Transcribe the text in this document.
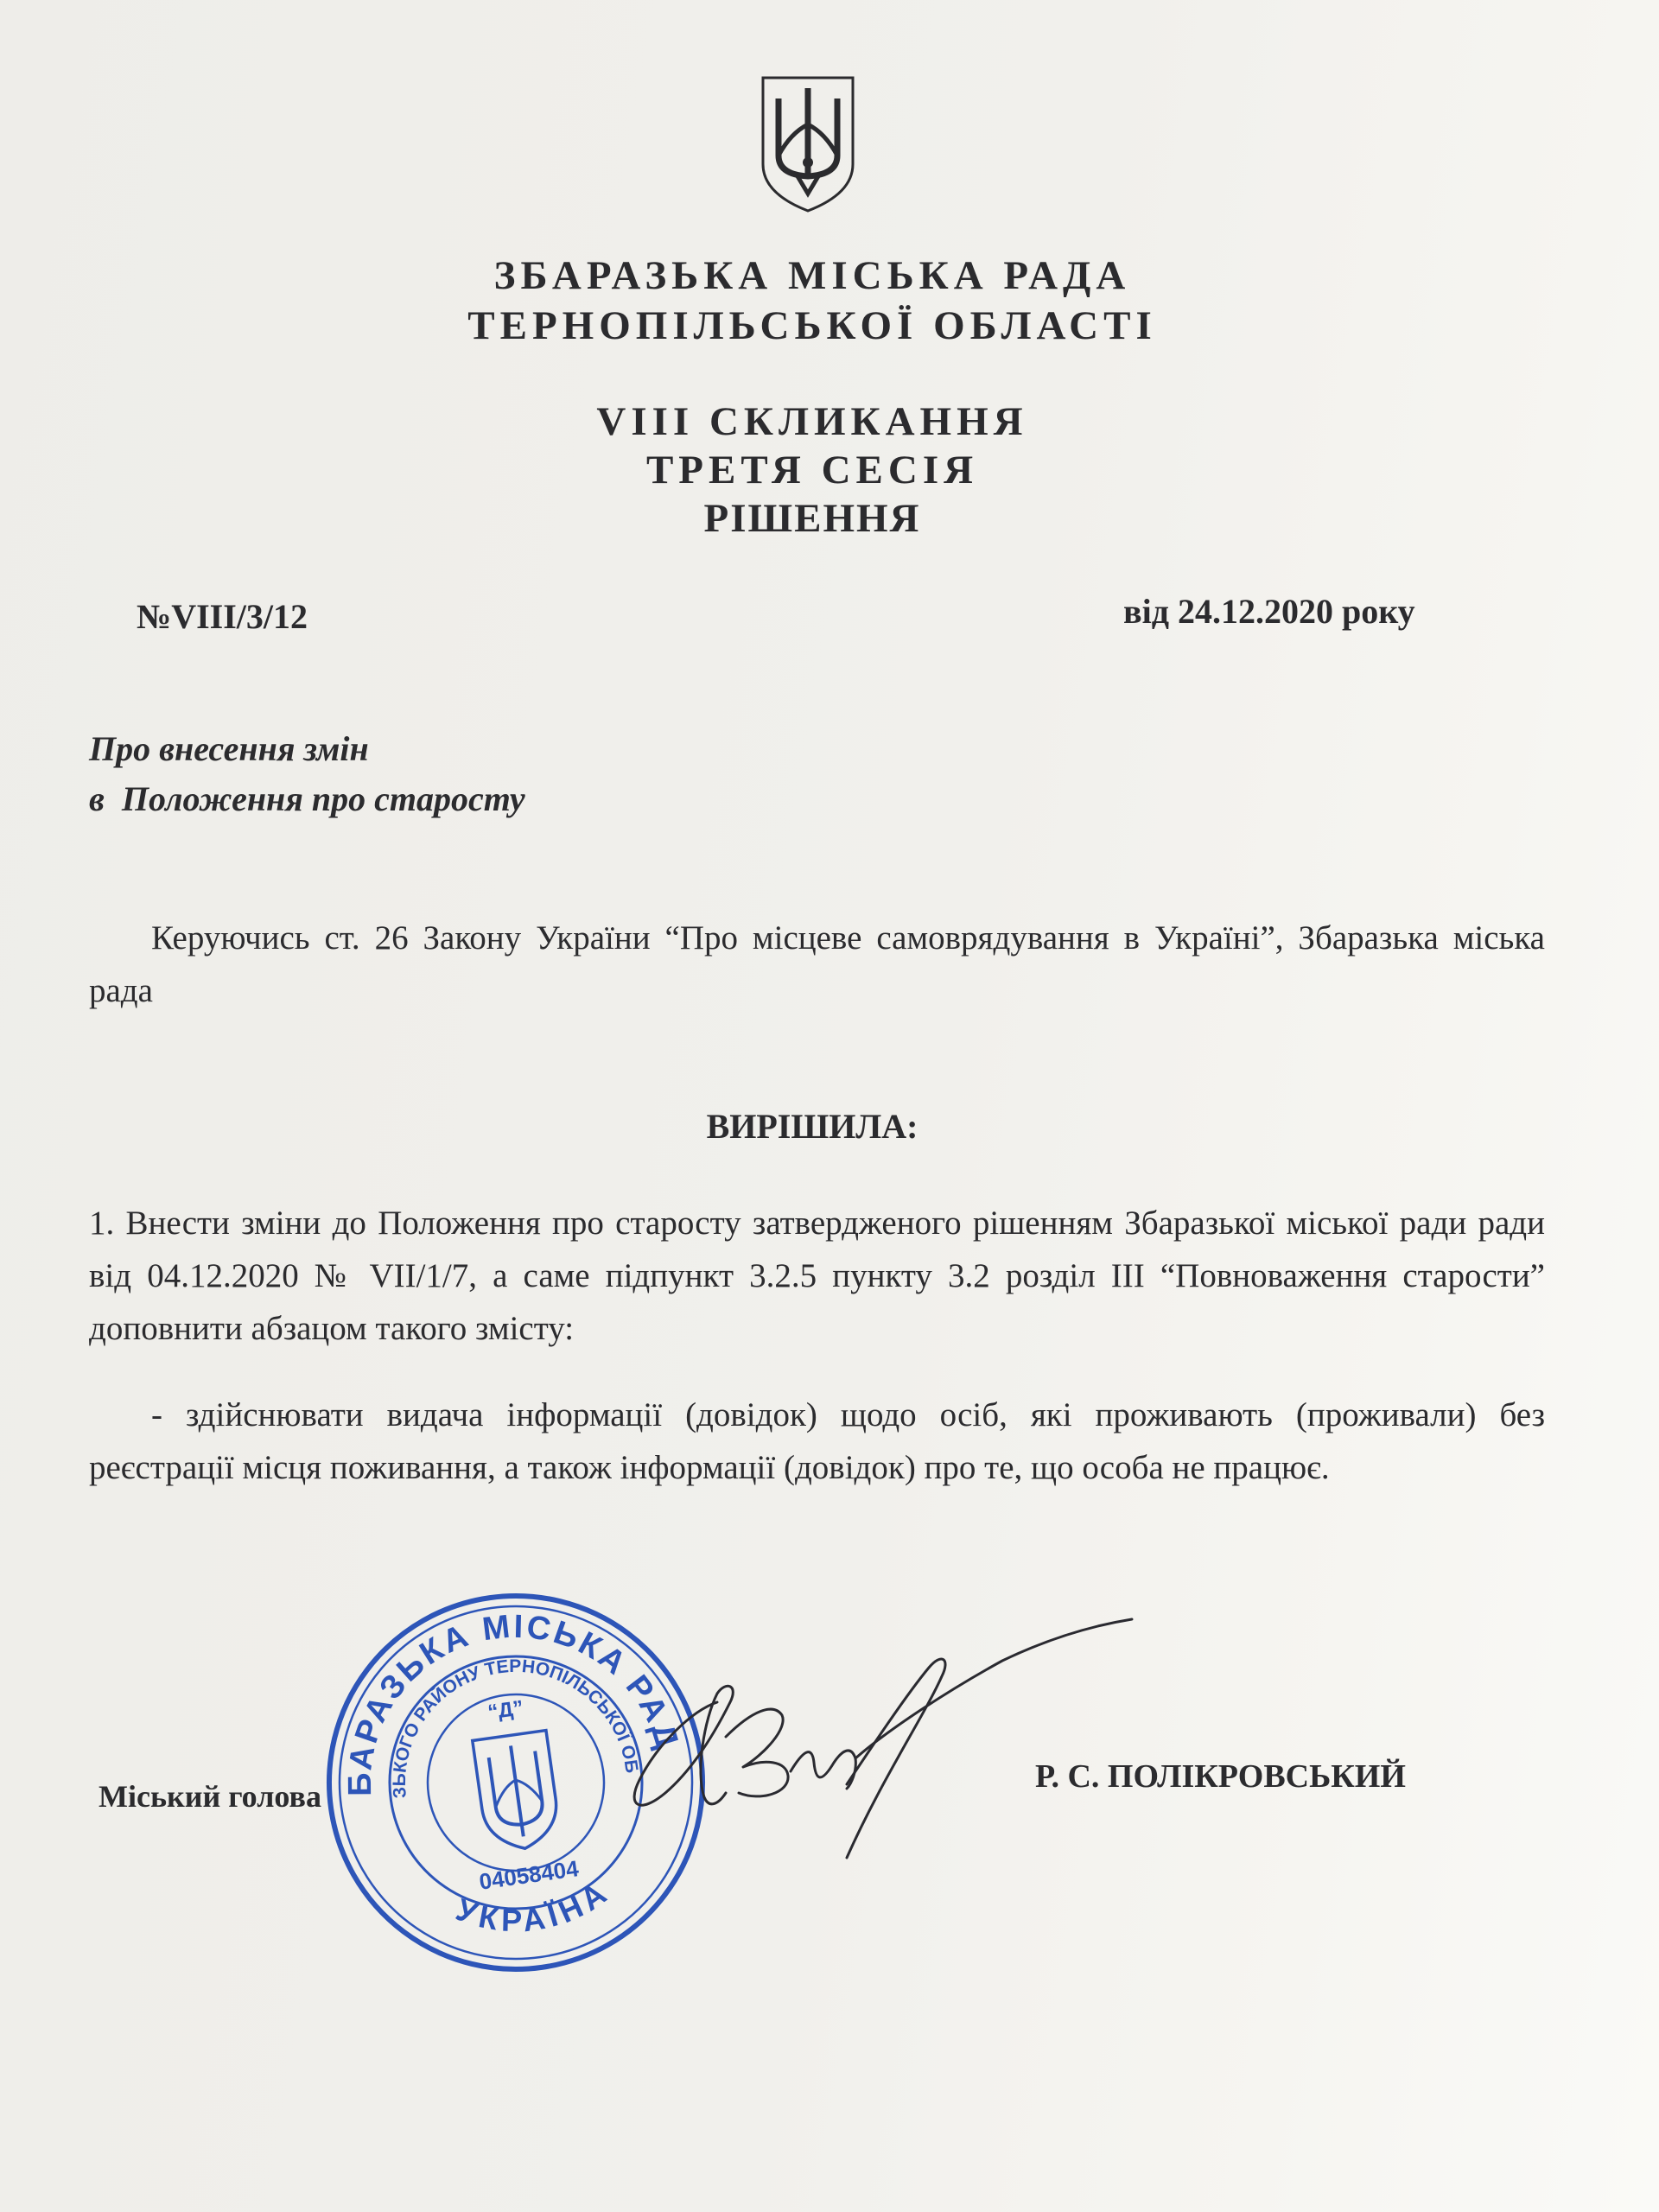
ЗБАРАЗЬКА МІСЬКА РАДА
ТЕРНОПІЛЬСЬКОЇ ОБЛАСТІ
VIII СКЛИКАННЯ
ТРЕТЯ СЕСІЯ
РІШЕННЯ
№VIII/3/12	від 24.12.2020 року
Про внесення змін
в  Положення про старосту
Керуючись ст. 26 Закону України “Про місцеве самоврядування в Україні”, Збаразька міська рада
ВИРІШИЛА:
1. Внести зміни до Положення про старосту затвердженого рішенням Збаразької міської ради ради від 04.12.2020 № VII/1/7, а саме підпункт 3.2.5 пункту 3.2 розділ ІІІ “Повноваження старости” доповнити абзацом такого змісту:
- здійснювати видача інформації (довідок) щодо осіб, які проживають (проживали) без реєстрації місця поживання, а також інформації (довідок) про те, що особа не працює.
Міський голова
Р. С. ПОЛІКРОВСЬКИЙ
ЗБАРАЗЬКА МІСЬКА РАДА
ЗБАРАЗЬКОГО РАЙОНУ ТЕРНОПІЛЬСЬКОЇ ОБЛАСТІ
УКРАЇНА
04058404
“Д”
